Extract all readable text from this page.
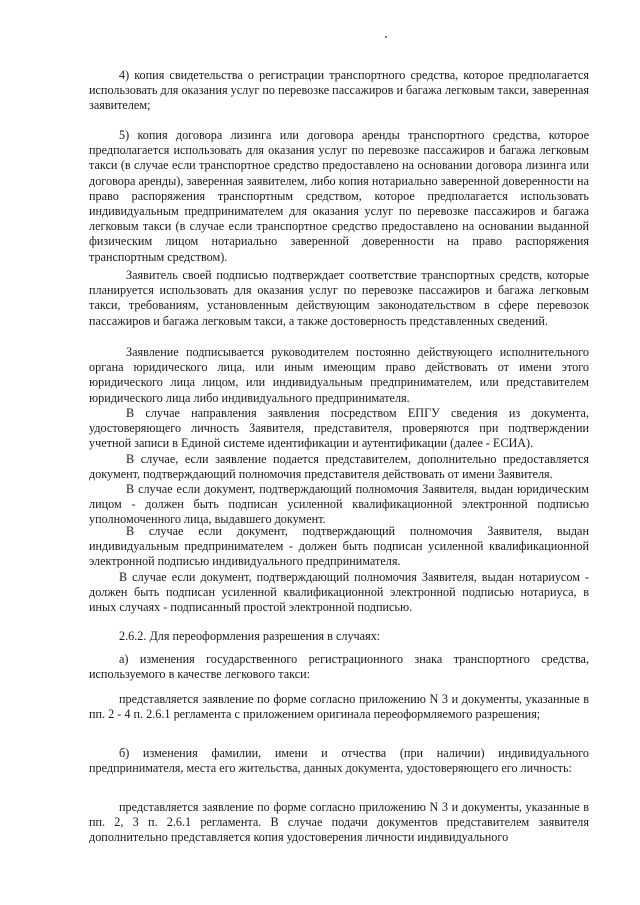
4) копия свидетельства о регистрации транспортного средства, которое предполагается использовать для оказания услуг по перевозке пассажиров и багажа легковым такси, заверенная заявителем;
5) копия договора лизинга или договора аренды транспортного средства, которое предполагается использовать для оказания услуг по перевозке пассажиров и багажа легковым такси (в случае если транспортное средство предоставлено на основании договора лизинга или договора аренды), заверенная заявителем, либо копия нотариально заверенной доверенности на право распоряжения транспортным средством, которое предполагается использовать индивидуальным предпринимателем для оказания услуг по перевозке пассажиров и багажа легковым такси (в случае если транспортное средство предоставлено на основании выданной физическим лицом нотариально заверенной доверенности на право распоряжения транспортным средством).
Заявитель своей подписью подтверждает соответствие транспортных средств, которые планируется использовать для оказания услуг по перевозке пассажиров и багажа легковым такси, требованиям, установленным действующим законодательством в сфере перевозок пассажиров и багажа легковым такси, а также достоверность представленных сведений.
Заявление подписывается руководителем постоянно действующего исполнительного органа юридического лица, или иным имеющим право действовать от имени этого юридического лица лицом, или индивидуальным предпринимателем, или представителем юридического лица либо индивидуального предпринимателя.
В случае направления заявления посредством ЕПГУ сведения из документа, удостоверяющего личность Заявителя, представителя, проверяются при подтверждении учетной записи в Единой системе идентификации и аутентификации (далее - ЕСИА).
В случае, если заявление подается представителем, дополнительно предоставляется документ, подтверждающий полномочия представителя действовать от имени Заявителя.
В случае если документ, подтверждающий полномочия Заявителя, выдан юридическим лицом - должен быть подписан усиленной квалификационной электронной подписью уполномоченного лица, выдавшего документ.
В случае если документ, подтверждающий полномочия Заявителя, выдан индивидуальным предпринимателем - должен быть подписан усиленной квалификационной электронной подписью индивидуального предпринимателя.
В случае если документ, подтверждающий полномочия Заявителя, выдан нотариусом - должен быть подписан усиленной квалификационной электронной подписью нотариуса, в иных случаях - подписанный простой электронной подписью.
2.6.2. Для переоформления разрешения в случаях:
а) изменения государственного регистрационного знака транспортного средства, используемого в качестве легкового такси:
представляется заявление по форме согласно приложению N 3 и документы, указанные в пп. 2 - 4 п. 2.6.1 регламента с приложением оригинала переоформляемого разрешения;
б) изменения фамилии, имени и отчества (при наличии) индивидуального предпринимателя, места его жительства, данных документа, удостоверяющего его личность:
представляется заявление по форме согласно приложению N 3 и документы, указанные в пп. 2, 3 п. 2.6.1 регламента. В случае подачи документов представителем заявителя дополнительно представляется копия удостоверения личности индивидуального
